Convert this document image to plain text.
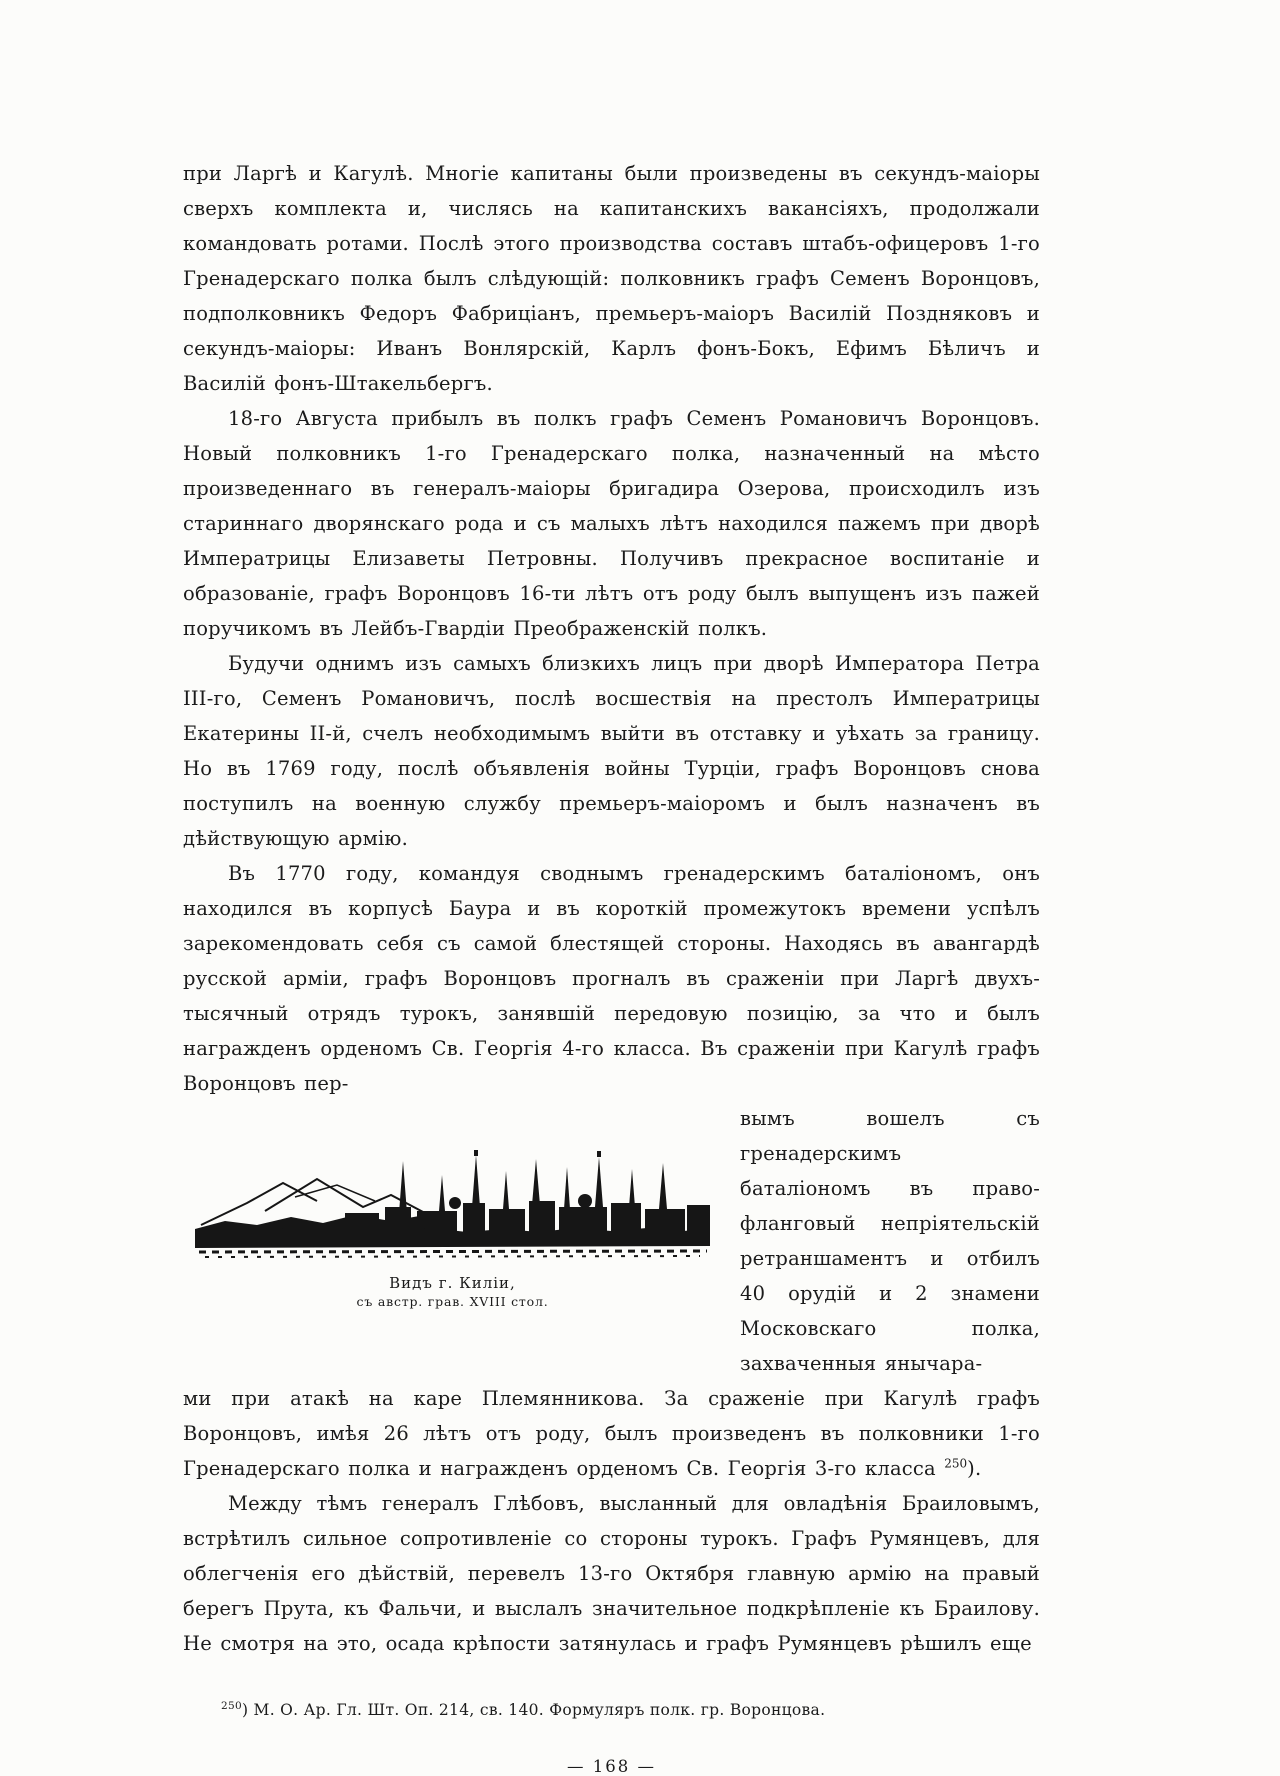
при Ларгѣ и Кагулѣ. Многіе капитаны были произведены въ секундъ-маіоры сверхъ комплекта и, числясь на капитанскихъ вакансіяхъ, продолжали командовать ротами. Послѣ этого производства составъ штабъ-офицеровъ 1-го Гренадерскаго полка былъ слѣдующій: полковникъ графъ Семенъ Воронцовъ, подполковникъ Федоръ Фабриціанъ, премьеръ-маіоръ Василій Поздняковъ и секундъ-маіоры: Иванъ Вонлярскій, Карлъ фонъ-Бокъ, Ефимъ Бѣличъ и Василій фонъ-Штакельбергъ.

18-го Августа прибылъ въ полкъ графъ Семенъ Романовичъ Воронцовъ. Новый полковникъ 1-го Гренадерскаго полка, назначенный на мѣсто произведеннаго въ генералъ-маіоры бригадира Озерова, происходилъ изъ стариннаго дворянскаго рода и съ малыхъ лѣтъ находился пажемъ при дворѣ Императрицы Елизаветы Петровны. Получивъ прекрасное воспитаніе и образованіе, графъ Воронцовъ 16-ти лѣтъ отъ роду былъ выпущенъ изъ пажей поручикомъ въ Лейбъ-Гвардіи Преображенскій полкъ.

Будучи однимъ изъ самыхъ близкихъ лицъ при дворѣ Императора Петра III-го, Семенъ Романовичъ, послѣ восшествія на престолъ Императрицы Екатерины II-й, счелъ необходимымъ выйти въ отставку и уѣхать за границу. Но въ 1769 году, послѣ объявленія войны Турціи, графъ Воронцовъ снова поступилъ на военную службу премьеръ-маіоромъ и былъ назначенъ въ дѣйствующую армію.

Въ 1770 году, командуя своднымъ гренадерскимъ баталіономъ, онъ находился въ корпусѣ Баура и въ короткій промежутокъ времени успѣлъ зарекомендовать себя съ самой блестящей стороны. Находясь въ авангардѣ русской арміи, графъ Воронцовъ прогналъ въ сраженіи при Ларгѣ двухъ-тысячный отрядъ турокъ, занявшій передовую позицію, за что и былъ награжденъ орденомъ Св. Георгія 4-го класса. Въ сраженіи при Кагулѣ графъ Воронцовъ пер-

Видъ г. Киліи,
съ австр. грав. XVIII стол.
вымъ вошелъ съ гренадерскимъ баталіономъ въ право-фланговый непріятельскій ретраншаментъ и отбилъ 40 орудій и 2 знамени Московскаго полка, захваченныя янычара-

ми при атакѣ на каре Племянникова. За сраженіе при Кагулѣ графъ Воронцовъ, имѣя 26 лѣтъ отъ роду, былъ произведенъ въ полковники 1-го Гренадерскаго полка и награжденъ орденомъ Св. Георгія 3-го класса $^{250}$).

Между тѣмъ генералъ Глѣбовъ, высланный для овладѣнія Браиловымъ, встрѣтилъ сильное сопротивленіе со стороны турокъ. Графъ Румянцевъ, для облегченія его дѣйствій, перевелъ 13-го Октября главную армію на правый берегъ Прута, къ Фальчи, и выслалъ значительное подкрѣпленіе къ Браилову. Не смотря на это, осада крѣпости затянулась и графъ Румянцевъ рѣшилъ еще

$^{250}$) М. О. Ар. Гл. Шт. Оп. 214, св. 140. Формуляръ полк. гр. Воронцова.
— 168 —
